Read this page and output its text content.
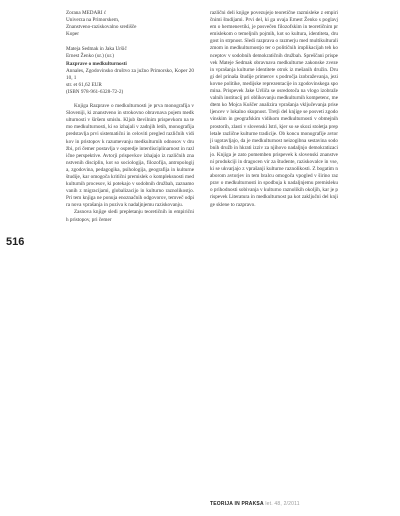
516
Zorana MEDARI ć
Univerza na Primorskem,
Znanstveno-raziskovalno središče
Koper
Mateja Sedmak in Jaka Uršič
Ernest Ženko (ur.) (ur.)
Razprave o medkulturnosti
Annales, Zgodovinsko društvo za južno Primorsko, Koper 2010, 1
str. et 61,62 EUR
(ISBN 978-961-6328-72-2)

Knjiga Razprave o medkulturnosti je prva monografija v Sloveniji, ki znanstveno in strokovno obravnava pojem medkulturnosti v širšem smislu. Kljub številnim prispevkom na temo medkulturnosti, ki so izhajali v zadnjih letih, monografija predstavlja prvi sistematični in celoviti pregled različnih vidikov in pristopov k razumevanju medkulturnih odnosov v družbi, pri čemer postavlja v ospredje interdisciplinarnost in različne perspektive. Avtorji prispevkov izhajajo iz različnih znanstvenih disciplin, kot so sociologija, filozofija, antropologija, zgodovina, pedagogika, psihologija, geografija in kulturne študije, kar omogoča kritični premislek o kompleksnosti medkulturnih procesov, ki potekajo v sodobnih družbah, zaznamovanih z migracijami, globalizacijo in kulturno raznolikostjo. Pri tem knjiga ne ponuja enoznačnih odgovorov, temveč odpira nova vprašanja in poziva k nadaljnjemu raziskovanju.

Zasnova knjige sledi prepletanju teoretičnih in empiričnih pristopov, pri čemer

različni deli knjige povezujejo teoretične razmisleke z empiričnimi študijami. Prvi del, ki ga uvaja Ernest Ženko s poglavjem o hermenevtiki, je posvečen filozofskim in teoretičnim premislekom o temeljnih pojmih, kot so kultura, identiteta, drugost in strpnost. Sledi razprava o razmerju med multikulturalizmom in medkulturnostjo ter o političnih implikacijah teh konceptov v sodobnih demokratičnih družbah. Spreščani prispevek Mateje Sedmak obravnava medkulturne zakonske zveze in vprašanja kulturne identitete otrok iz mešanih družin. Drugi del prinaša študije primerov s področja izobraževanja, jezikovne politike, medijske reprezentacije in zgodovinskega spomina. Prispevek Jake Uršiča se osredotoča na vlogo izobraževalnih institucij pri oblikovanju medkulturnih kompetenc, medtem ko Mojca Kuščer analizira vprašanja vključevanja priseljencev v lokalno skupnost. Tretji del knjige se posveti zgodovinskim in geografskim vidikom medkulturnosti v obmejnih prostorih, zlasti v slovenski Istri, kjer so se skozi stoletja prepletale različne kulturne tradicije. Ob koncu monografije avtorji ugotavljajo, da je medkulturnost neizogibna sestavina sodobnih družb in hkrati izziv za njihovo nadaljnjo demokratizacijo. Knjiga je zato pomemben prispevek k slovenski znanstveni produkciji in dragocen vir za študente, raziskovalce in vse, ki se ukvarjajo z vprašanji kulturne raznolikosti. Z bogatim naborom avtorjev in tem bralcu omogoča vpogled v širino razprav o medkulturnosti in spodbuja k nadaljnjemu premisleku o prihodnosti sobivanja v kulturno raznolikih okoljih, kar je prispevek Literatura in medkulturnost pa kot zaključni del knjige sklene to razpravo.

TEORIJA IN PRAKSA let. 48, 2/2011
